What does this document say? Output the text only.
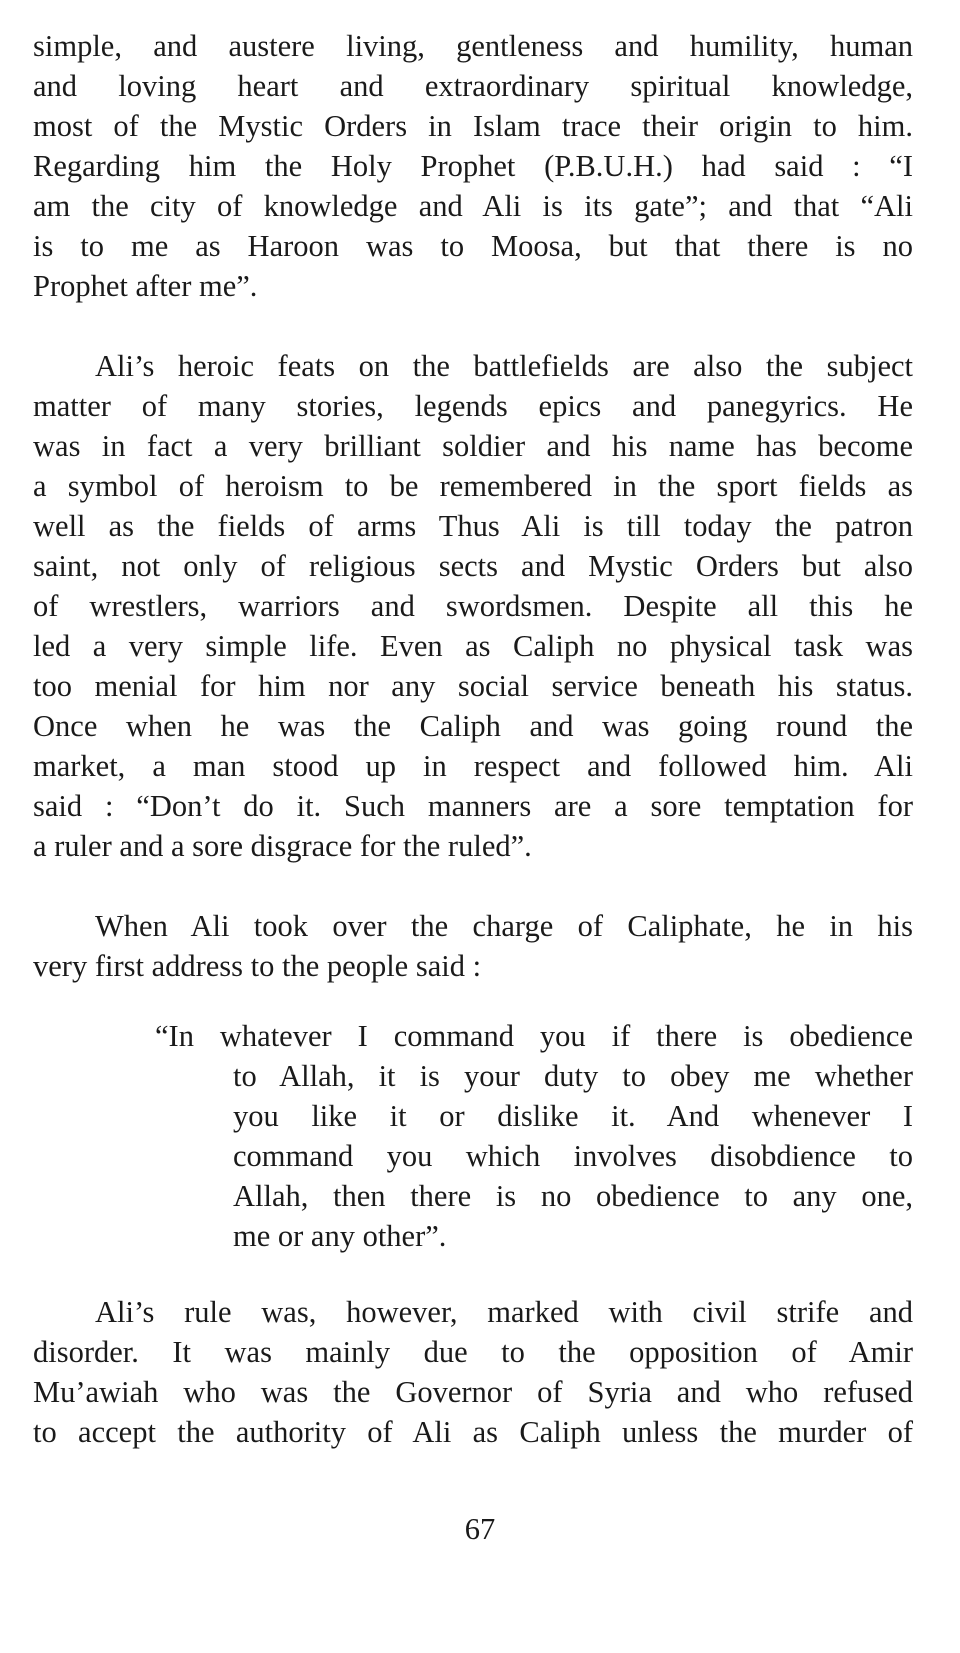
simple, and austere living, gentleness and humility, human
and loving heart and extraordinary spiritual knowledge,
most of the Mystic Orders in Islam trace their origin to him.
Regarding him the Holy Prophet (P.B.U.H.) had said : “I
am the city of knowledge and Ali is its gate”; and that “Ali
is to me as Haroon was to Moosa, but that there is no
Prophet after me”.

Ali’s heroic feats on the battlefields are also the subject
matter of many stories, legends epics and panegyrics. He
was in fact a very brilliant soldier and his name has become
a symbol of heroism to be remembered in the sport fields as
well as the fields of arms Thus Ali is till today the patron
saint, not only of religious sects and Mystic Orders but also
of wrestlers, warriors and swordsmen. Despite all this he
led a very simple life. Even as Caliph no physical task was
too menial for him nor any social service beneath his status.
Once when he was the Caliph and was going round the
market, a man stood up in respect and followed him. Ali
said : “Don’t do it. Such manners are a sore temptation for
a ruler and a sore disgrace for the ruled”.

When Ali took over the charge of Caliphate, he in his
very first address to the people said :

“In whatever I command you if there is obedience
to Allah, it is your duty to obey me whether
you like it or dislike it. And whenever I
command you which involves disobdience to
Allah, then there is no obedience to any one,
me or any other”.

Ali’s rule was, however, marked with civil strife and
disorder. It was mainly due to the opposition of Amir
Mu’awiah who was the Governor of Syria and who refused
to accept the authority of Ali as Caliph unless the murder of

67
